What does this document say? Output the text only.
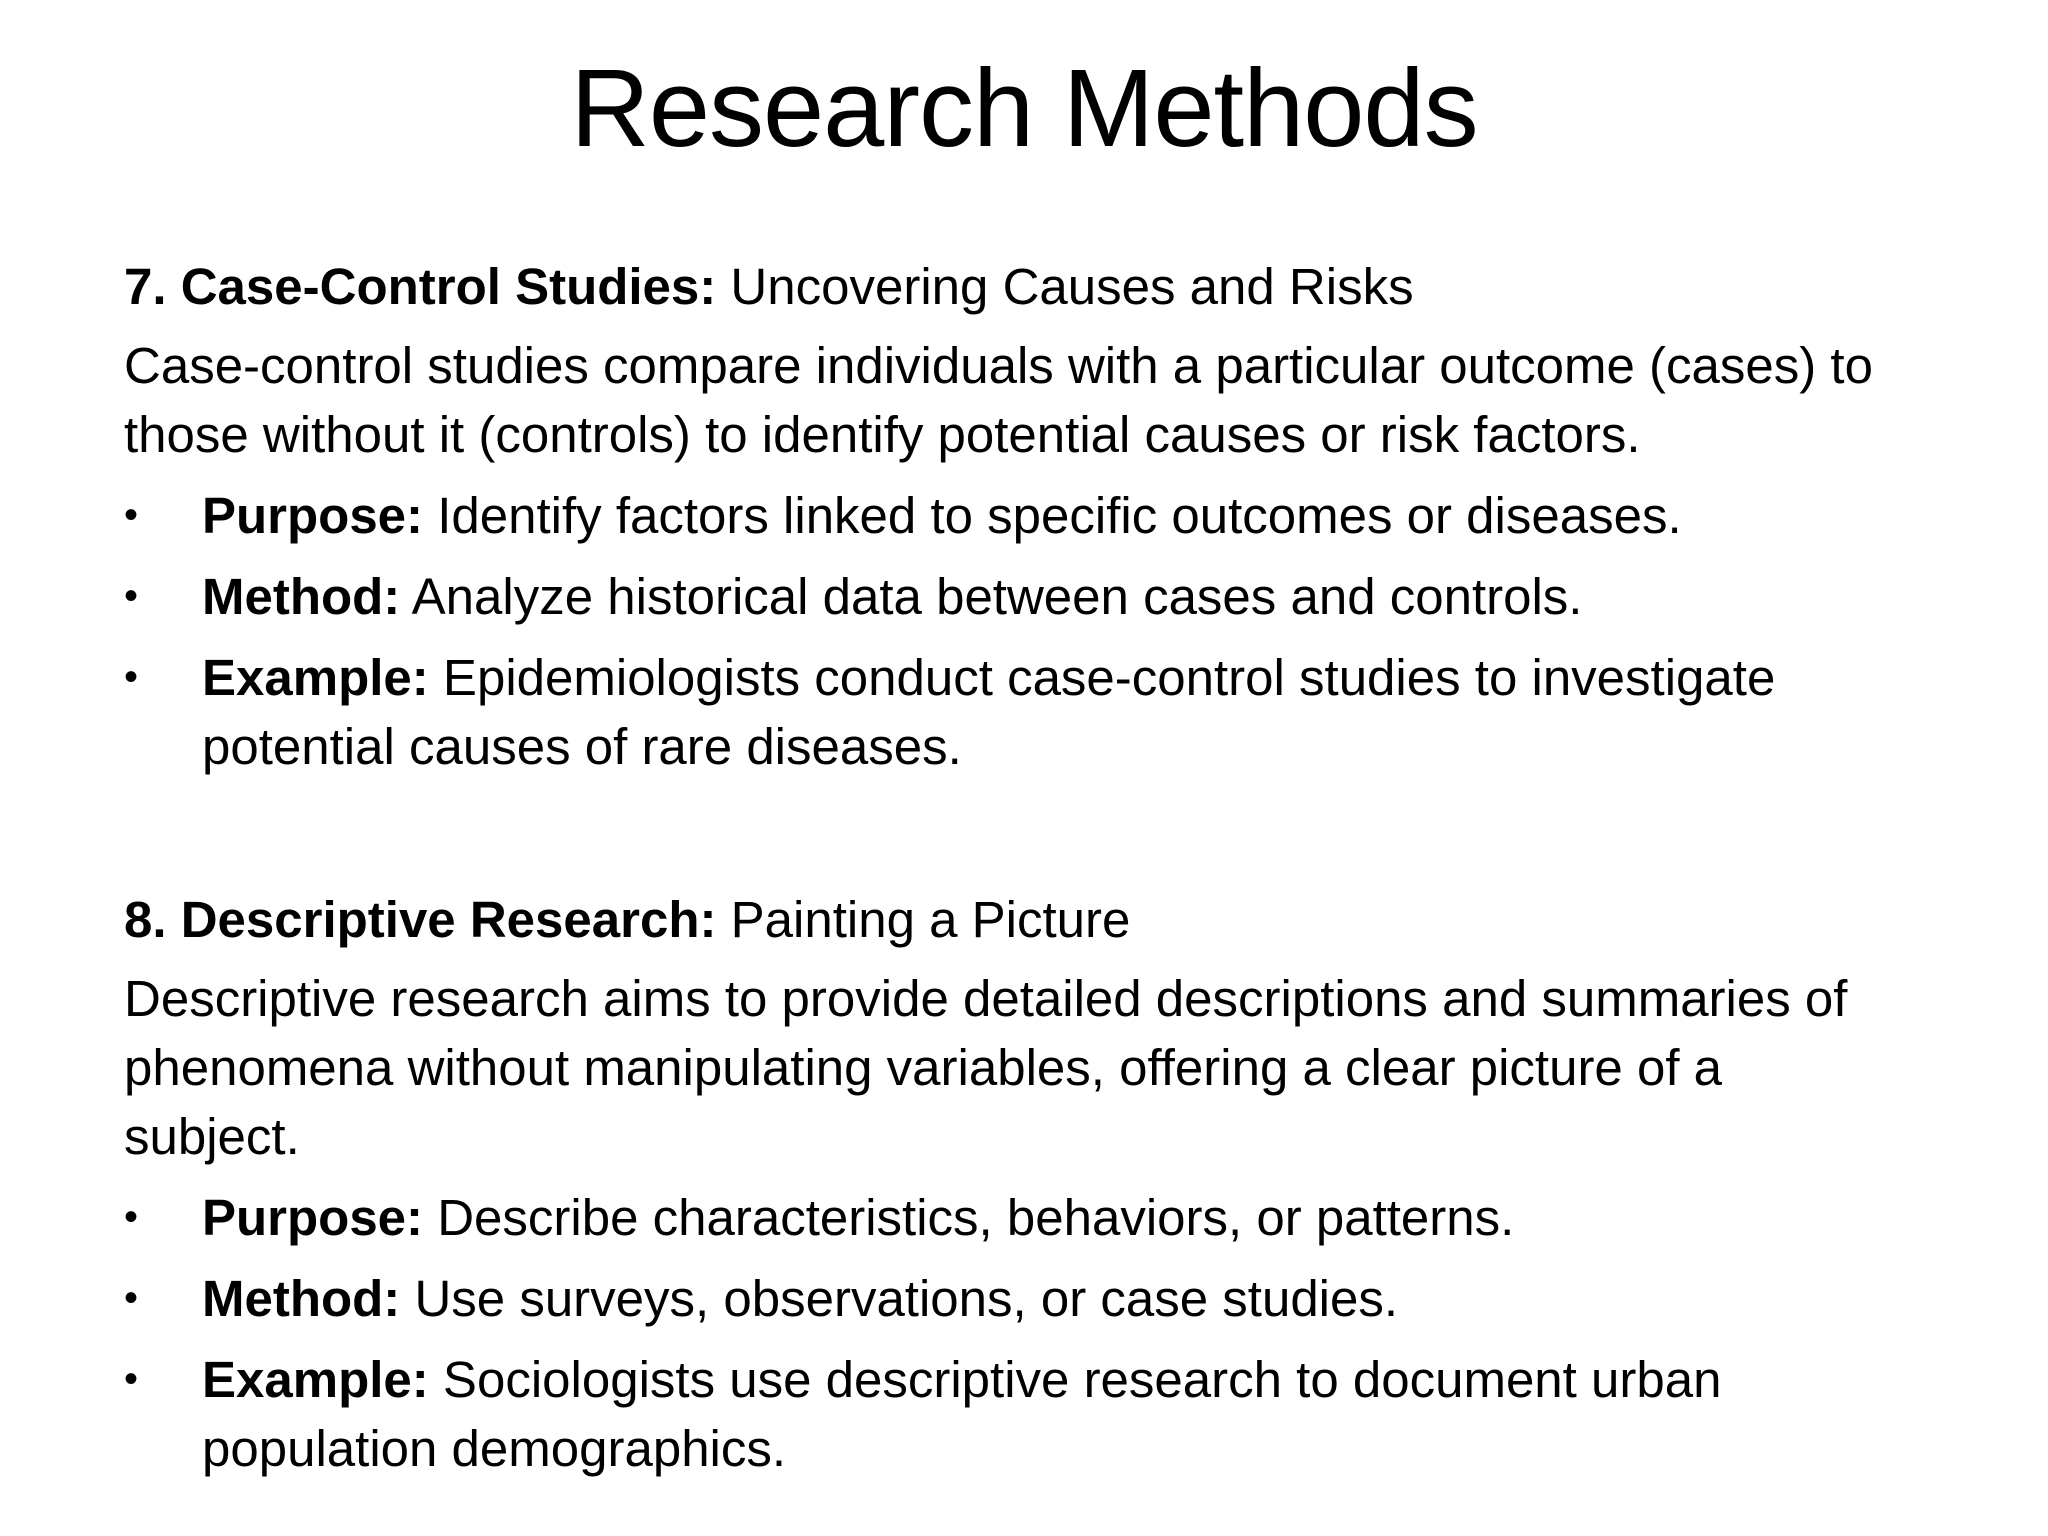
Research Methods

7. Case-Control Studies: Uncovering Causes and Risks

Case-control studies compare individuals with a particular outcome (cases) to those without it (controls) to identify potential causes or risk factors.

•	Purpose: Identify factors linked to specific outcomes or diseases.
•	Method: Analyze historical data between cases and controls.
•	Example: Epidemiologists conduct case-control studies to investigate potential causes of rare diseases.

8. Descriptive Research: Painting a Picture

Descriptive research aims to provide detailed descriptions and summaries of phenomena without manipulating variables, offering a clear picture of a subject.

•	Purpose: Describe characteristics, behaviors, or patterns.
•	Method: Use surveys, observations, or case studies.
•	Example: Sociologists use descriptive research to document urban population demographics.
